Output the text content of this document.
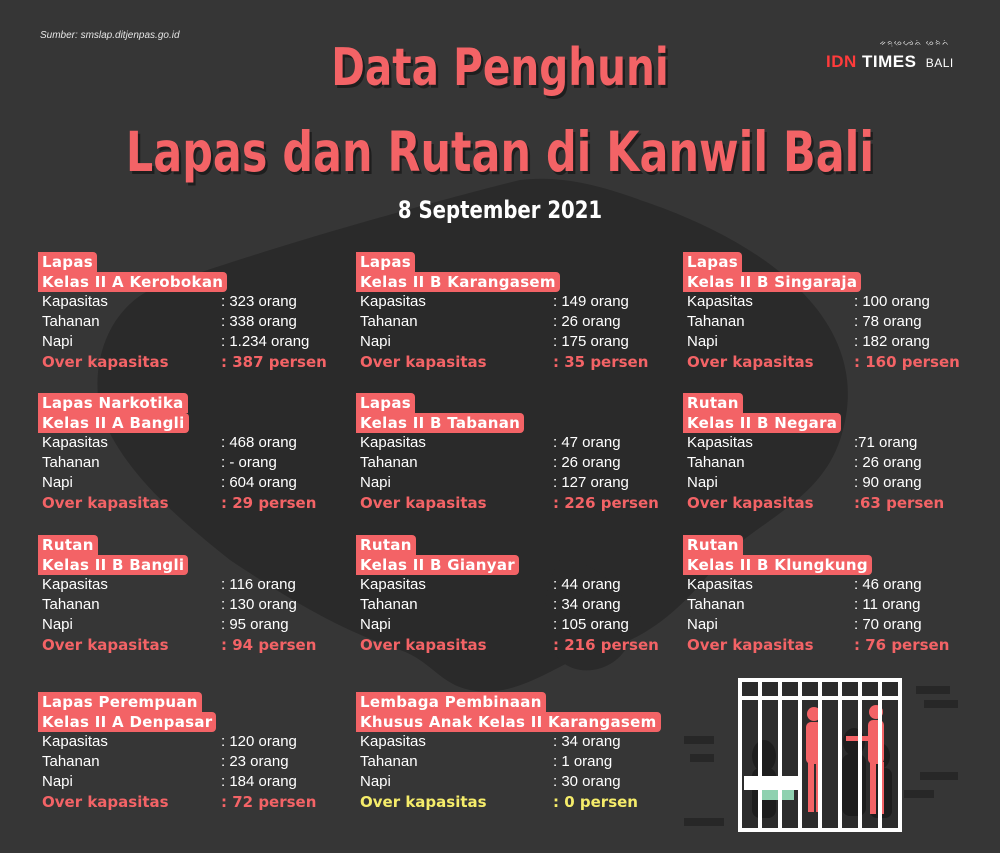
Sumber: smslap.ditjenpas.go.id
ᨀᨑᨘᨔᨙᨌᨙᨊᨗ ᨔᨙᨑᨗᨈᨗ
IDN TIMES BALI
Data Penghuni
Lapas dan Rutan di Kanwil Bali
8 September 2021
Lapas
Kelas II A Kerobokan
Kapasitas	: 323 orang
Tahanan	: 338 orang
Napi	: 1.234 orang
Over kapasitas	: 387 persen
Lapas
Kelas II B Karangasem
Kapasitas	: 149 orang
Tahanan	: 26 orang
Napi	: 175 orang
Over kapasitas	: 35 persen
Lapas
Kelas II B Singaraja
Kapasitas	: 100 orang
Tahanan	: 78 orang
Napi	: 182 orang
Over kapasitas	: 160 persen
Lapas Narkotika
Kelas II A Bangli
Kapasitas	: 468 orang
Tahanan	: - orang
Napi	: 604 orang
Over kapasitas	: 29 persen
Lapas
Kelas II B Tabanan
Kapasitas	: 47 orang
Tahanan	: 26 orang
Napi	: 127 orang
Over kapasitas	: 226 persen
Rutan
Kelas II B Negara
Kapasitas	:71 orang
Tahanan	: 26 orang
Napi	: 90 orang
Over kapasitas	:63 persen
Rutan
Kelas II B Bangli
Kapasitas	: 116 orang
Tahanan	: 130 orang
Napi	: 95 orang
Over kapasitas	: 94 persen
Rutan
Kelas II B Gianyar
Kapasitas	: 44 orang
Tahanan	: 34 orang
Napi	: 105 orang
Over kapasitas	: 216 persen
Rutan
Kelas II B Klungkung
Kapasitas	: 46 orang
Tahanan	: 11 orang
Napi	: 70 orang
Over kapasitas	: 76 persen
Lapas Perempuan
Kelas II A Denpasar
Kapasitas	: 120 orang
Tahanan	: 23 orang
Napi	: 184 orang
Over kapasitas	: 72 persen
Lembaga Pembinaan
Khusus Anak Kelas II Karangasem
Kapasitas	: 34 orang
Tahanan	: 1 orang
Napi	: 30 orang
Over kapasitas	: 0 persen
